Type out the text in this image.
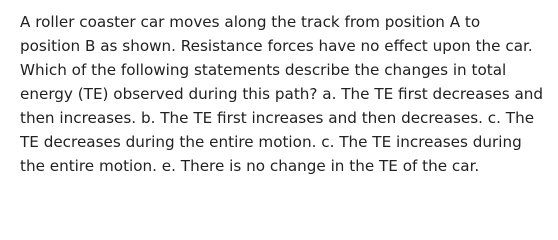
A roller coaster car moves along the track from position A to position B as shown. Resistance forces have no effect upon the car. Which of the following statements describe the changes in total energy (TE) observed during this path? a. The TE first decreases and then increases. b. The TE first increases and then decreases. c. The TE decreases during the entire motion. c. The TE increases during the entire motion. e. There is no change in the TE of the car.
